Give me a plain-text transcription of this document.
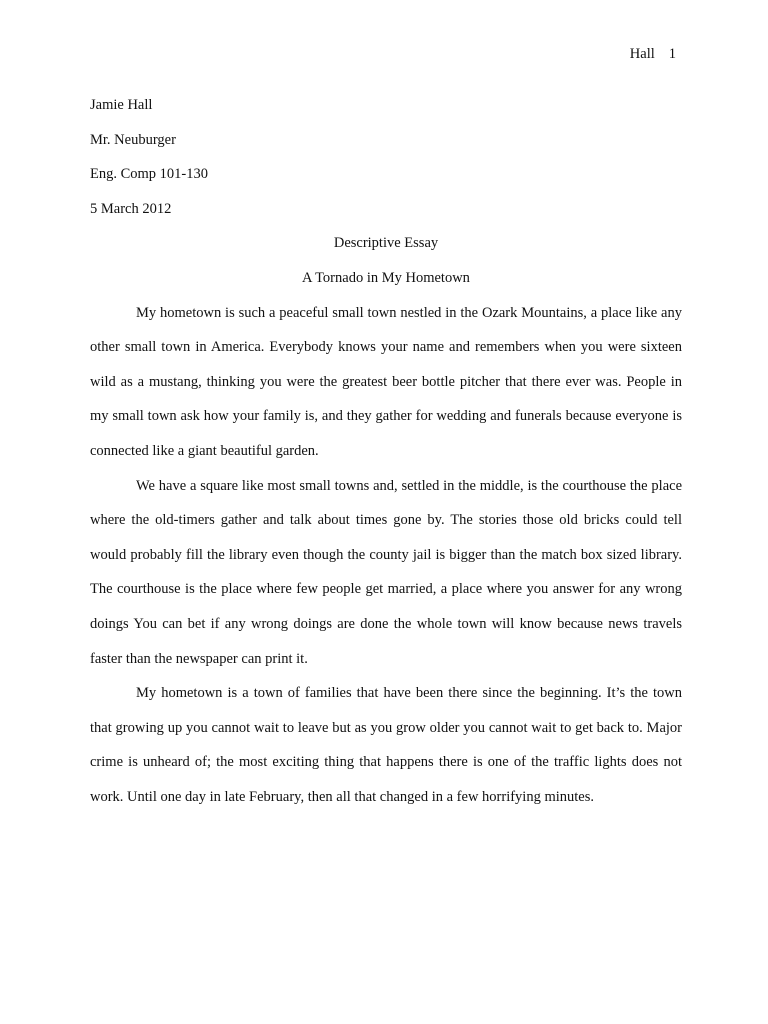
Hall 1

Jamie Hall

Mr. Neuburger

Eng. Comp 101-130

5 March 2012

Descriptive Essay

A Tornado in My Hometown

My hometown is such a peaceful small town nestled in the Ozark Mountains, a place like any other small town in America. Everybody knows your name and remembers when you were sixteen wild as a mustang, thinking you were the greatest beer bottle pitcher that there ever was. People in my small town ask how your family is, and they gather for wedding and funerals because everyone is connected like a giant beautiful garden.

We have a square like most small towns and, settled in the middle, is the courthouse the place where the old-timers gather and talk about times gone by. The stories those old bricks could tell would probably fill the library even though the county jail is bigger than the match box sized library. The courthouse is the place where few people get married, a place where you answer for any wrong doings You can bet if any wrong doings are done the whole town will know because news travels faster than the newspaper can print it.

My hometown is a town of families that have been there since the beginning. It’s the town that growing up you cannot wait to leave but as you grow older you cannot wait to get back to. Major crime is unheard of; the most exciting thing that happens there is one of the traffic lights does not work. Until one day in late February, then all that changed in a few horrifying minutes.
